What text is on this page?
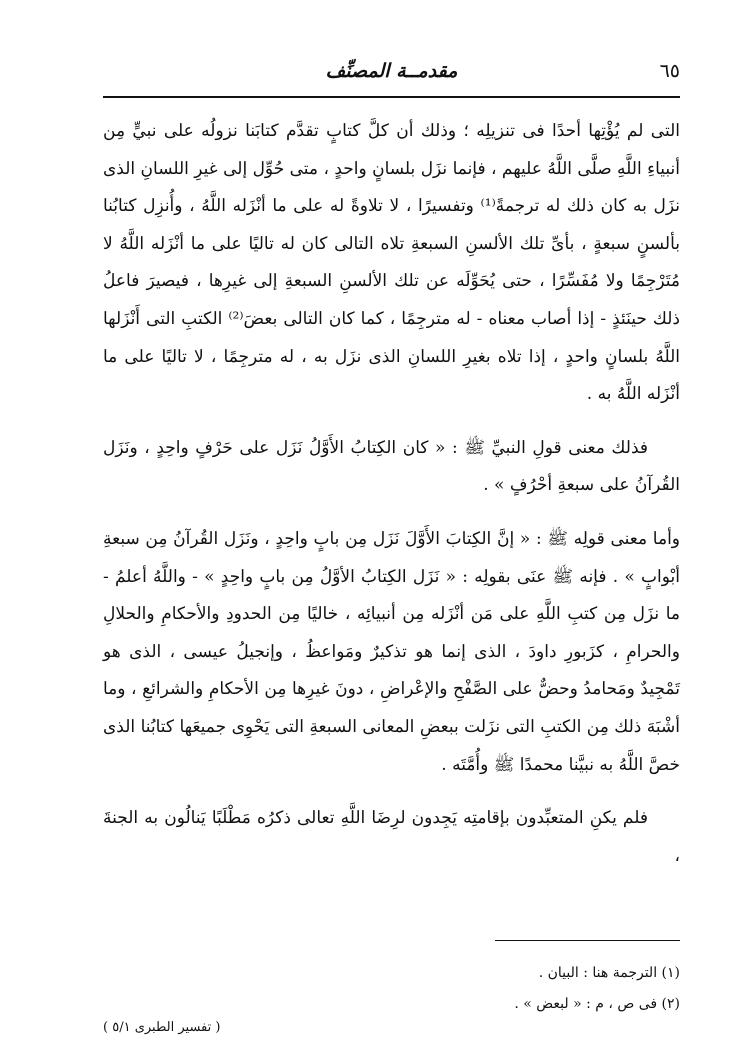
٦٥
مقدمــة المصنِّف

التى لم يُؤْتِها أحدًا فى تنزيلِه ؛ وذلك أن كلَّ كتابٍ تقدَّم كتابَنا نزولُه على نبيٍّ مِن أنبياءِ اللَّهِ صلَّى اللَّهُ عليهم ، فإنما نزَل بلسانٍ واحدٍ ، متى حُوِّل إلى غيرِ اللسانِ الذى نزَل به كان ذلك له ترجمةً⁽¹⁾ وتفسيرًا ، لا تلاوةً له على ما أنْزَله اللَّهُ ، وأُنزِل كتابُنا بألسنٍ سبعةٍ ، بأىِّ تلك الألسنِ السبعةِ تلاه التالى كان له تاليًا على ما أنْزَله اللَّهُ لا مُتَرْجِمًا ولا مُفَسِّرًا ، حتى يُحَوِّلَه عن تلك الألسنِ السبعةِ إلى غيرِها ، فيصيرَ فاعلُ ذلك حينَئذٍ - إذا أصاب معناه - له مترجِمًا ، كما كان التالى بعضَ⁽²⁾ الكتبِ التى أَنْزَلها اللَّهُ بلسانٍ واحدٍ ، إذا تلاه بغيرِ اللسانِ الذى نزَل به ، له مترجِمًا ، لا تاليًا على ما أنْزَله اللَّهُ به .

فذلك معنى قولِ النبيِّ ﷺ : « كان الكِتابُ الأَوَّلُ نَزَل على حَرْفٍ واحِدٍ ، ونَزَل القُرآنُ على سبعةِ أحْرُفٍ » .

وأما معنى قولِه ﷺ : « إنَّ الكِتابَ الأَوَّلَ نَزَل مِن بابٍ واحِدٍ ، ونَزَل القُرآنُ مِن سبعةِ أبْوابٍ » . فإنه ﷺ عنَى بقولِه : « نَزَل الكِتابُ الأوَّلُ مِن بابٍ واحِدٍ » - واللَّهُ أعلمُ - ما نزَل مِن كتبِ اللَّهِ على مَن أنْزَله مِن أنبيائِه ، خاليًا مِن الحدودِ والأحكامِ والحلالِ والحرامِ ، كزَبورِ داودَ ، الذى إنما هو تذكيرٌ ومَواعظُ ، وإنجيلُ عيسى ، الذى هو تَمْجِيدٌ ومَحامدُ وحضٌّ على الصَّفْحِ والإعْراضِ ، دونَ غيرِها مِن الأحكامِ والشرائعِ ، وما أشْبَهَ ذلك مِن الكتبِ التى نزَلت ببعضِ المعانى السبعةِ التى يَحْوِى جميعَها كتابُنا الذى خصَّ اللَّهُ به نبيَّنا محمدًا ﷺ وأُمَّتَه .

فلم يكنِ المتعبِّدون بإقامتِه يَجِدون لرِضَا اللَّهِ تعالى ذكرُه مَطْلَبًا يَنالُون به الجنةَ ،

(١) الترجمة هنا : البيان .

(٢) فى ص ، م : « لبعض » .

( تفسير الطبرى ٥/١ )
